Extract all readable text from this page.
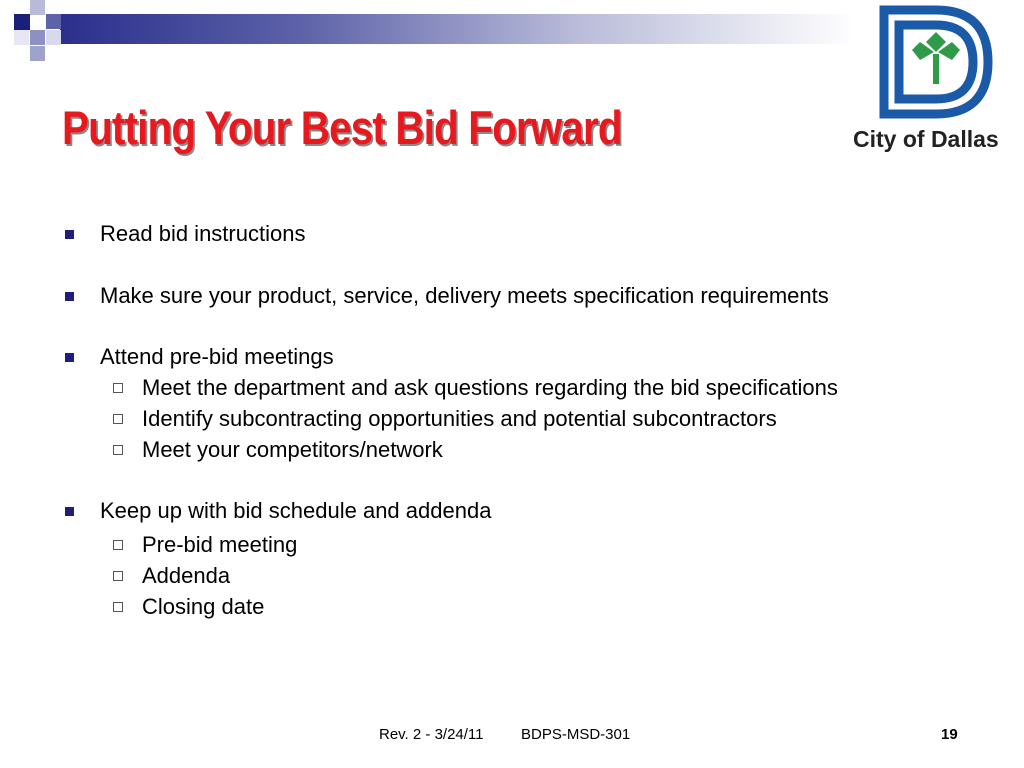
Putting Your Best Bid Forward	City of Dallas
Read bid instructions
Make sure your product, service, delivery meets specification requirements
Attend pre-bid meetings
Meet the department and ask questions regarding the bid specifications
Identify subcontracting opportunities and potential subcontractors
Meet your competitors/network
Keep up with bid schedule and addenda
Pre-bid meeting
Addenda
Closing date
Rev. 2 - 3/24/11 BDPS-MSD-301	19
